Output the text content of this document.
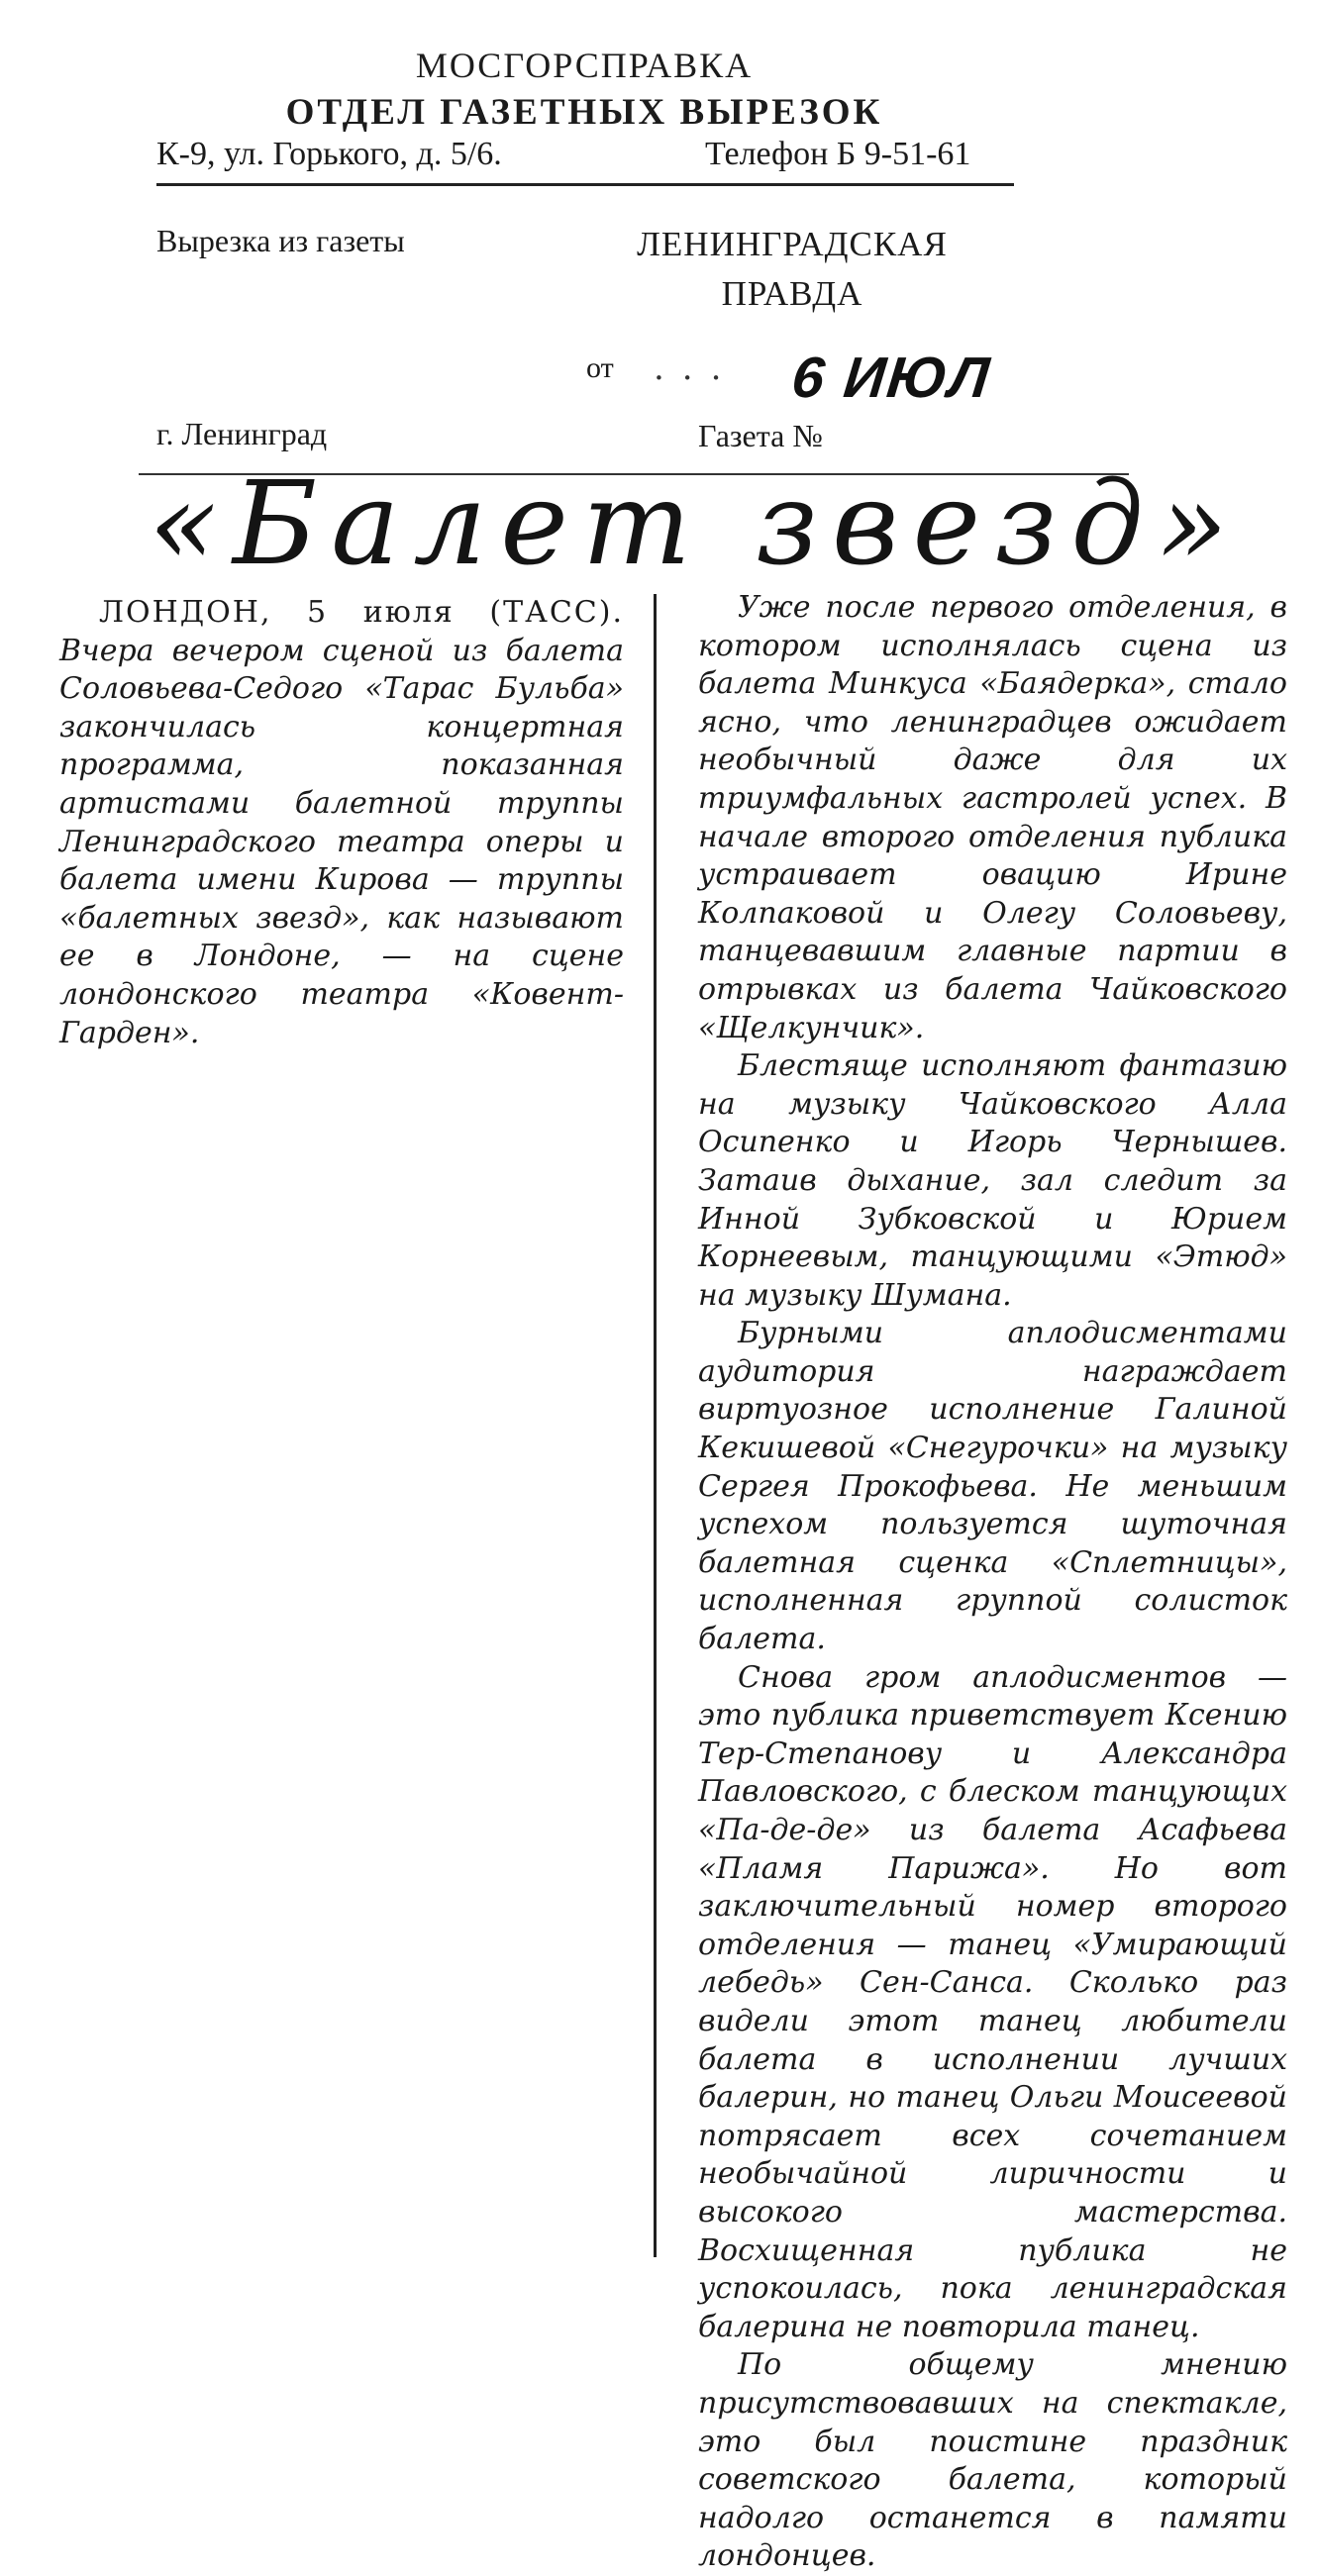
МОСГОРСПРАВКА
ОТДЕЛ ГАЗЕТНЫХ ВЫРЕЗОК
К-9, ул. Горького, д. 5/6.	Телефон Б 9-51-61
Вырезка из газеты	ЛЕНИНГРАДСКАЯ
ПРАВДА
от ... 6 ИЮЛ
г. Ленинград	Газета №
«Балет звезд»

ЛОНДОН, 5 июля (ТАСС). Вчера вечером сценой из балета Соловьева-Седого «Тарас Бульба» закончилась концертная программа, показанная артистами балетной труппы Ленинградского театра оперы и балета имени Кирова — труппы «балетных звезд», как называют ее в Лондоне, — на сцене лондонского театра «Ковент-Гарден».

Уже после первого отделения, в котором исполнялась сцена из балета Минкуса «Баядерка», стало ясно, что ленинградцев ожидает необычный даже для их триумфальных гастролей успех. В начале второго отделения публика устраивает овацию Ирине Колпаковой и Олегу Соловьеву, танцевавшим главные партии в отрывках из балета Чайковского «Щелкунчик».

Блестяще исполняют фантазию на музыку Чайковского Алла Осипенко и Игорь Чернышев. Затаив дыхание, зал следит за Инной Зубковской и Юрием Корнеевым, танцующими «Этюд» на музыку Шумана.

Бурными аплодисментами аудитория награждает виртуозное исполнение Галиной Кекишевой «Снегурочки» на музыку Сергея Прокофьева. Не меньшим успехом пользуется шуточная балетная сценка «Сплетницы», исполненная группой солисток балета.

Снова гром аплодисментов — это публика приветствует Ксению Тер-Степанову и Александра Павловского, с блеском танцующих «Па-де-де» из балета Асафьева «Пламя Парижа». Но вот заключительный номер второго отделения — танец «Умирающий лебедь» Сен-Санса. Сколько раз видели этот танец любители балета в исполнении лучших балерин, но танец Ольги Моисеевой потрясает всех сочетанием необычайной лиричности и высокого мастерства. Восхищенная публика не успокоилась, пока ленинградская балерина не повторила танец.

По общему мнению присутствовавших на спектакле, это был поистине праздник советского балета, который надолго останется в памяти лондонцев.
